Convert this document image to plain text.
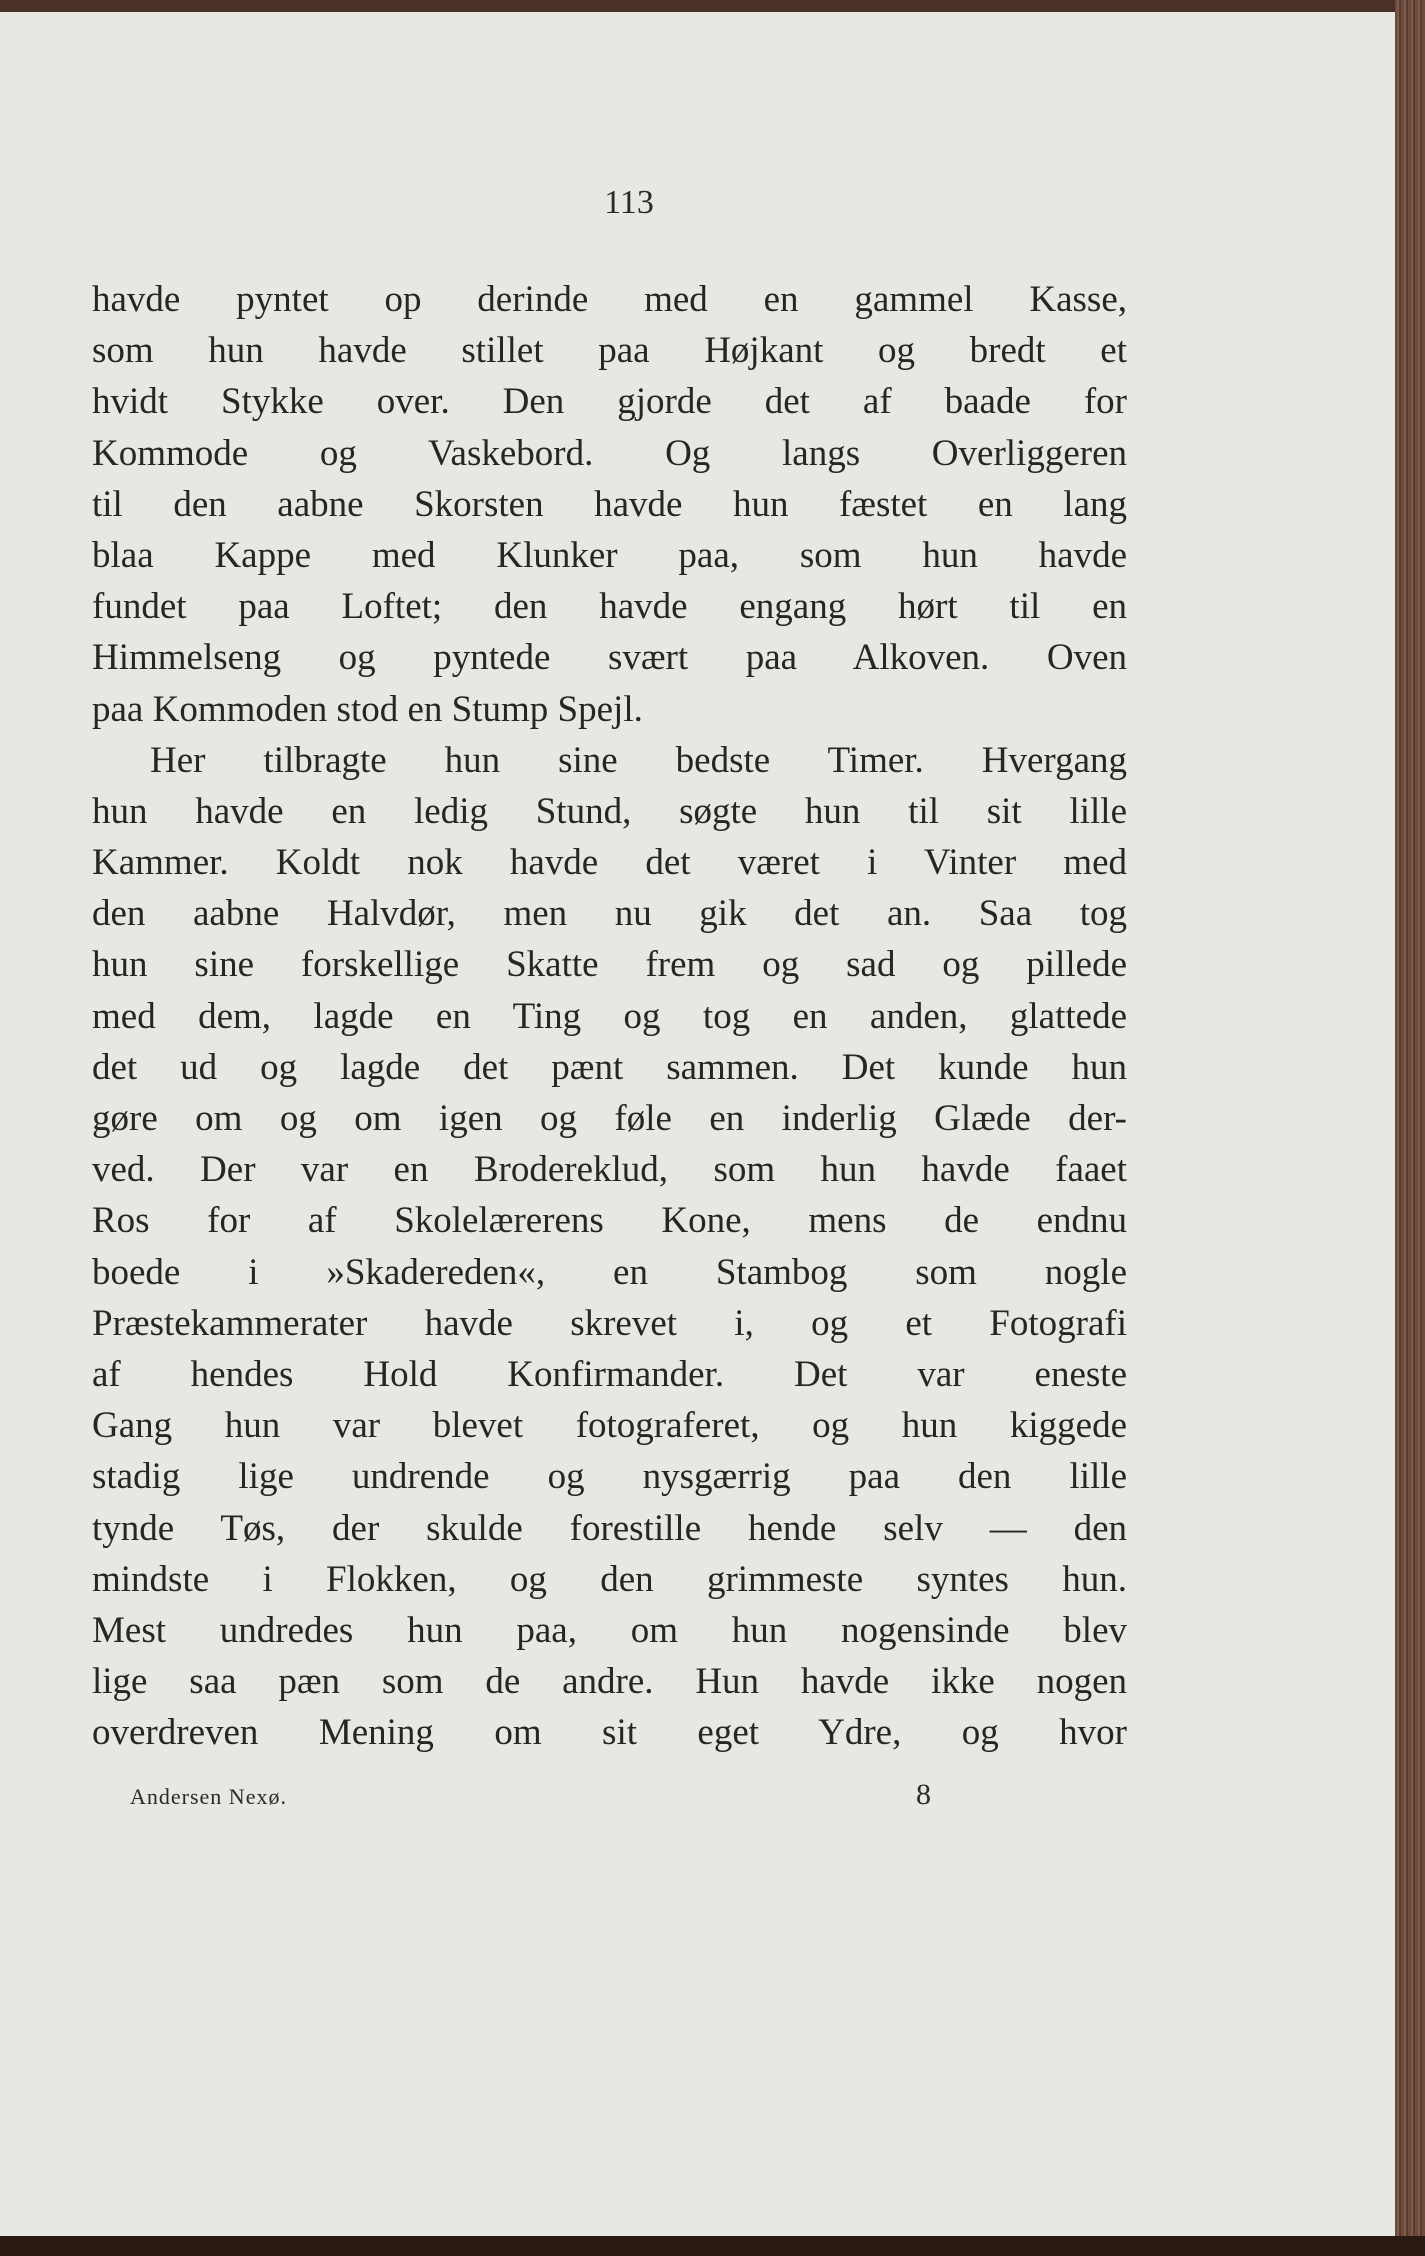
113
havde pyntet op derinde med en gammel Kasse,
som hun havde stillet paa Højkant og bredt et
hvidt Stykke over. Den gjorde det af baade for
Kommode og Vaskebord. Og langs Overliggeren
til den aabne Skorsten havde hun fæstet en lang
blaa Kappe med Klunker paa, som hun havde
fundet paa Loftet; den havde engang hørt til en
Himmelseng og pyntede svært paa Alkoven. Oven
paa Kommoden stod en Stump Spejl.
Her tilbragte hun sine bedste Timer. Hvergang
hun havde en ledig Stund, søgte hun til sit lille
Kammer. Koldt nok havde det været i Vinter med
den aabne Halvdør, men nu gik det an. Saa tog
hun sine forskellige Skatte frem og sad og pillede
med dem, lagde en Ting og tog en anden, glattede
det ud og lagde det pænt sammen. Det kunde hun
gøre om og om igen og føle en inderlig Glæde der-
ved. Der var en Brodereklud, som hun havde faaet
Ros for af Skolelærerens Kone, mens de endnu
boede i »Skadereden«, en Stambog som nogle
Præstekammerater havde skrevet i, og et Fotografi
af hendes Hold Konfirmander. Det var eneste
Gang hun var blevet fotograferet, og hun kiggede
stadig lige undrende og nysgærrig paa den lille
tynde Tøs, der skulde forestille hende selv — den
mindste i Flokken, og den grimmeste syntes hun.
Mest undredes hun paa, om hun nogensinde blev
lige saa pæn som de andre. Hun havde ikke nogen
overdreven Mening om sit eget Ydre, og hvor
Andersen Nexø.	8
